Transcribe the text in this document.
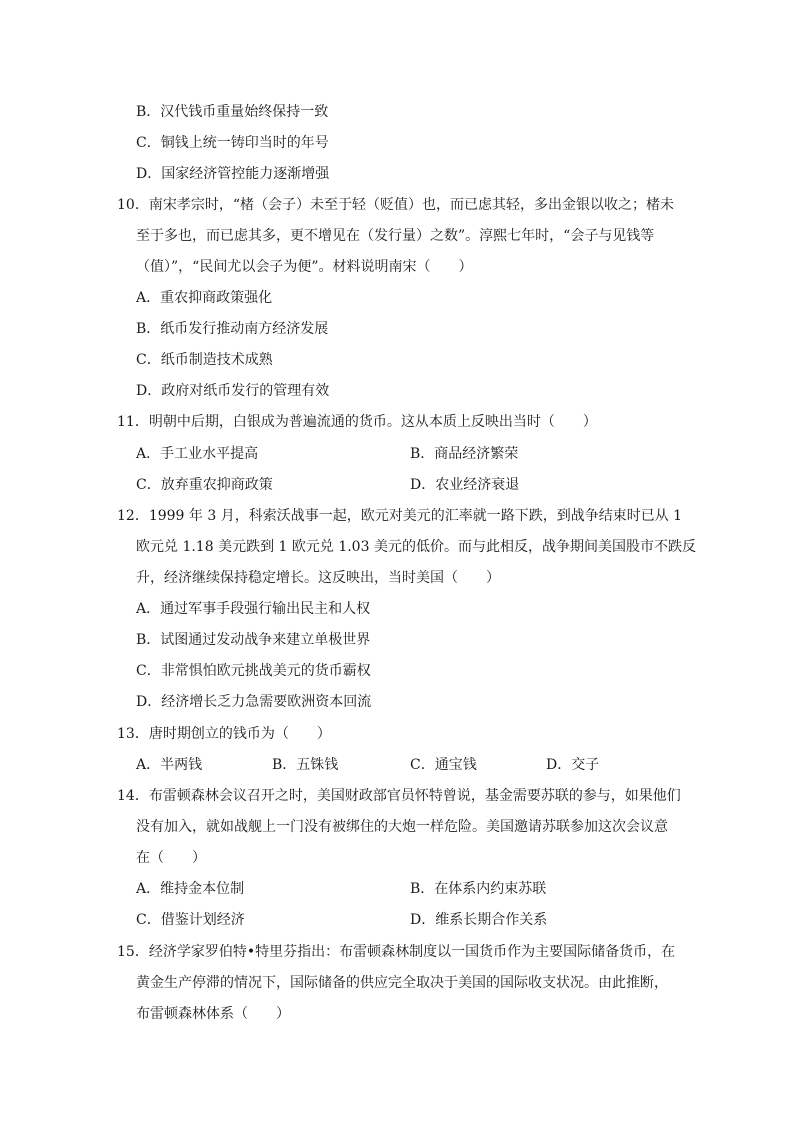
B．汉代钱币重量始终保持一致
C．铜钱上统一铸印当时的年号
D．国家经济管控能力逐渐增强
10．南宋孝宗时，“楮（会子）未至于轻（贬值）也，而已虑其轻，多出金银以收之；楮未
至于多也，而已虑其多，更不增见在（发行量）之数”。淳熙七年时，“会子与见钱等
（值）”，“民间尤以会子为便”。材料说明南宋（　　）
A．重农抑商政策强化
B．纸币发行推动南方经济发展
C．纸币制造技术成熟
D．政府对纸币发行的管理有效
11．明朝中后期，白银成为普遍流通的货币。这从本质上反映出当时（　　）
A．手工业水平提高	B．商品经济繁荣
C．放弃重农抑商政策	D．农业经济衰退
12．1999 年 3 月，科索沃战事一起，欧元对美元的汇率就一路下跌，到战争结束时已从 1
欧元兑 1.18 美元跌到 1 欧元兑 1.03 美元的低价。而与此相反，战争期间美国股市不跌反
升，经济继续保持稳定增长。这反映出，当时美国（　　）
A．通过军事手段强行输出民主和人权
B．试图通过发动战争来建立单极世界
C．非常惧怕欧元挑战美元的货币霸权
D．经济增长乏力急需要欧洲资本回流
13．唐时期创立的钱币为（　　）
A．半两钱	B．五铢钱	C．通宝钱	D．交子
14．布雷顿森林会议召开之时，美国财政部官员怀特曾说，基金需要苏联的参与，如果他们
没有加入，就如战舰上一门没有被绑住的大炮一样危险。美国邀请苏联参加这次会议意
在（　　）
A．维持金本位制	B．在体系内约束苏联
C．借鉴计划经济	D．维系长期合作关系
15．经济学家罗伯特•特里芬指出：布雷顿森林制度以一国货币作为主要国际储备货币，在
黄金生产停滞的情况下，国际储备的供应完全取决于美国的国际收支状况。由此推断，
布雷顿森林体系（　　）
